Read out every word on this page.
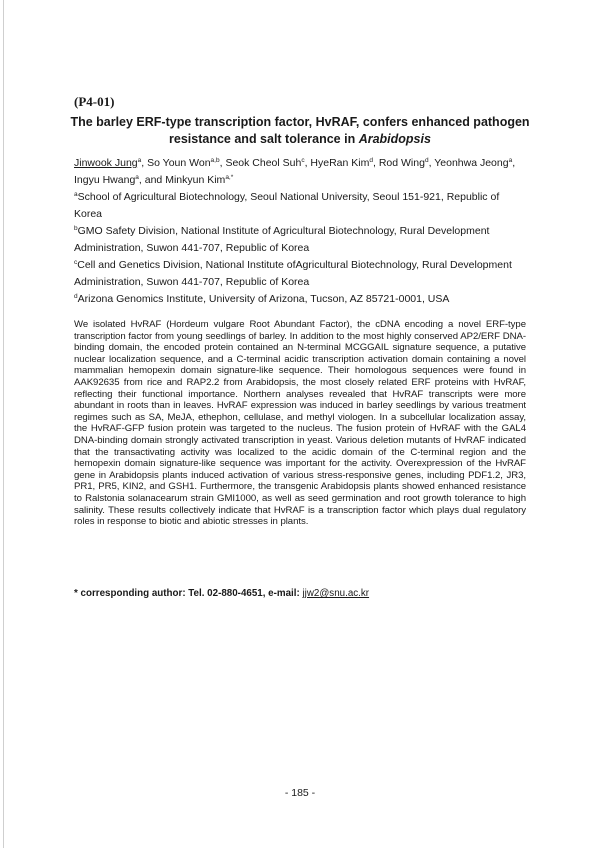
(P4-01)
The barley ERF-type transcription factor, HvRAF, confers enhanced pathogen
resistance and salt tolerance in Arabidopsis
Jinwook Jung$^a$, So Youn Won$^{a,b}$, Seok Cheol Suh$^c$, HyeRan Kim$^d$, Rod Wing$^d$, Yeonhwa Jeong$^a$,
Ingyu Hwang$^a$, and Minkyun Kim$^{a,*}$

$^a$School of Agricultural Biotechnology, Seoul National University, Seoul 151-921, Republic of Korea

$^b$GMO Safety Division, National Institute of Agricultural Biotechnology, Rural Development Administration, Suwon 441-707, Republic of Korea

$^c$Cell and Genetics Division, National Institute ofAgricultural Biotechnology, Rural Development Administration, Suwon 441-707, Republic of Korea

$^d$Arizona Genomics Institute, University of Arizona, Tucson, AZ 85721-0001, USA

We isolated HvRAF (Hordeum vulgare Root Abundant Factor), the cDNA encoding a novel ERF-type transcription factor from young seedlings of barley. In addition to the most highly conserved AP2/ERF DNA-binding domain, the encoded protein contained an N-terminal MCGGAIL signature sequence, a putative nuclear localization sequence, and a C-terminal acidic transcription activation domain containing a novel mammalian hemopexin domain signature-like sequence. Their homologous sequences were found in AAK92635 from rice and RAP2.2 from Arabidopsis, the most closely related ERF proteins with HvRAF, reflecting their functional importance. Northern analyses revealed that HvRAF transcripts were more abundant in roots than in leaves. HvRAF expression was induced in barley seedlings by various treatment regimes such as SA, MeJA, ethephon, cellulase, and methyl viologen. In a subcellular localization assay, the HvRAF-GFP fusion protein was targeted to the nucleus. The fusion protein of HvRAF with the GAL4 DNA-binding domain strongly activated transcription in yeast. Various deletion mutants of HvRAF indicated that the transactivating activity was localized to the acidic domain of the C-terminal region and the hemopexin domain signature-like sequence was important for the activity. Overexpression of the HvRAF gene in Arabidopsis plants induced activation of various stress-responsive genes, including PDF1.2, JR3, PR1, PR5, KIN2, and GSH1. Furthermore, the transgenic Arabidopsis plants showed enhanced resistance to Ralstonia solanacearum strain GMI1000, as well as seed germination and root growth tolerance to high salinity. These results collectively indicate that HvRAF is a transcription factor which plays dual regulatory roles in response to biotic and abiotic stresses in plants.

* corresponding author: Tel. 02-880-4651, e-mail: jjw2@snu.ac.kr
- 185 -
